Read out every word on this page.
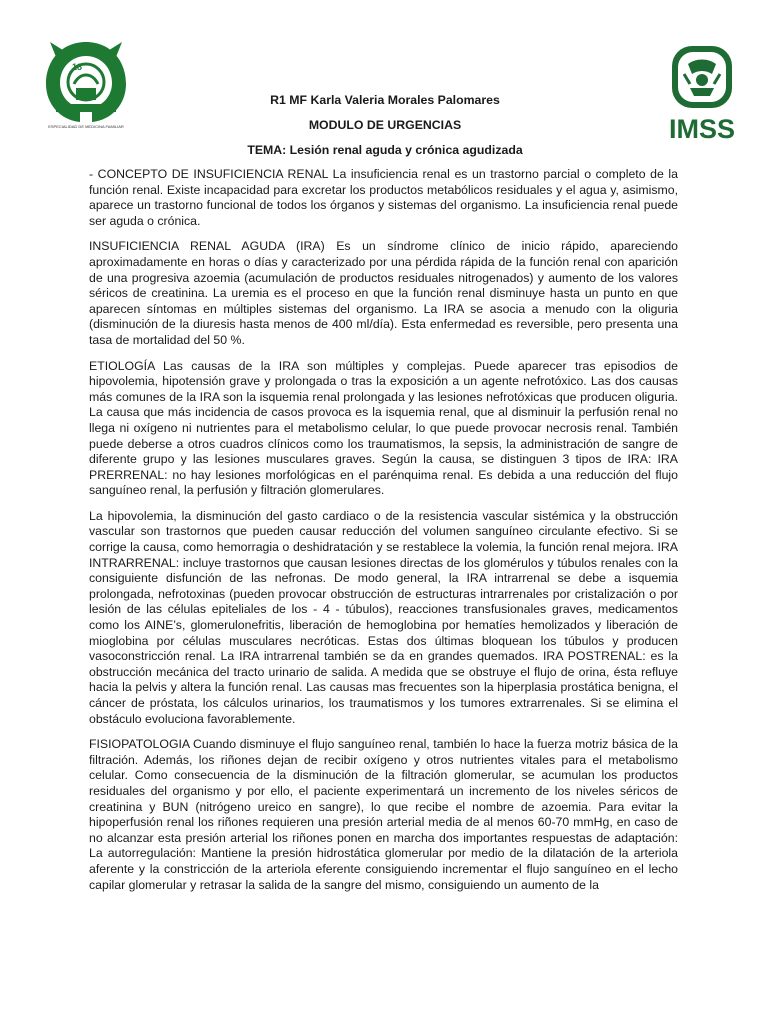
18
ESPECIALIDAD DE MEDICINA FAMILIAR	IMSS
R1 MF Karla Valeria Morales Palomares
MODULO DE URGENCIAS
TEMA: Lesión renal aguda y crónica agudizada

- CONCEPTO DE INSUFICIENCIA RENAL La insuficiencia renal es un trastorno parcial o completo de la función renal. Existe incapacidad para excretar los productos metabólicos residuales y el agua y, asimismo, aparece un trastorno funcional de todos los órganos y sistemas del organismo. La insuficiencia renal puede ser aguda o crónica.

INSUFICIENCIA RENAL AGUDA (IRA) Es un síndrome clínico de inicio rápido, apareciendo aproximadamente en horas o días y caracterizado por una pérdida rápida de la función renal con aparición de una progresiva azoemia (acumulación de productos residuales nitrogenados) y aumento de los valores séricos de creatinina. La uremia es el proceso en que la función renal disminuye hasta un punto en que aparecen síntomas en múltiples sistemas del organismo. La IRA se asocia a menudo con la oliguria (disminución de la diuresis hasta menos de 400 ml/día). Esta enfermedad es reversible, pero presenta una tasa de mortalidad del 50 %.

ETIOLOGÍA Las causas de la IRA son múltiples y complejas. Puede aparecer tras episodios de hipovolemia, hipotensión grave y prolongada o tras la exposición a un agente nefrotóxico. Las dos causas más comunes de la IRA son la isquemia renal prolongada y las lesiones nefrotóxicas que producen oliguria. La causa que más incidencia de casos provoca es la isquemia renal, que al disminuir la perfusión renal no llega ni oxígeno ni nutrientes para el metabolismo celular, lo que puede provocar necrosis renal. También puede deberse a otros cuadros clínicos como los traumatismos, la sepsis, la administración de sangre de diferente grupo y las lesiones musculares graves. Según la causa, se distinguen 3 tipos de IRA: IRA PRERRENAL: no hay lesiones morfológicas en el parénquima renal. Es debida a una reducción del flujo sanguíneo renal, la perfusión y filtración glomerulares.

La hipovolemia, la disminución del gasto cardiaco o de la resistencia vascular sistémica y la obstrucción vascular son trastornos que pueden causar reducción del volumen sanguíneo circulante efectivo. Si se corrige la causa, como hemorragia o deshidratación y se restablece la volemia, la función renal mejora. IRA INTRARRENAL: incluye trastornos que causan lesiones directas de los glomérulos y túbulos renales con la consiguiente disfunción de las nefronas. De modo general, la IRA intrarrenal se debe a isquemia prolongada, nefrotoxinas (pueden provocar obstrucción de estructuras intrarrenales por cristalización o por lesión de las células epiteliales de los - 4 - túbulos), reacciones transfusionales graves, medicamentos como los AINE’s, glomerulonefritis, liberación de hemoglobina por hematíes hemolizados y liberación de mioglobina por células musculares necróticas. Estas dos últimas bloquean los túbulos y producen vasoconstricción renal. La IRA intrarrenal también se da en grandes quemados. IRA POSTRENAL: es la obstrucción mecánica del tracto urinario de salida. A medida que se obstruye el flujo de orina, ésta refluye hacia la pelvis y altera la función renal. Las causas mas frecuentes son la hiperplasia prostática benigna, el cáncer de próstata, los cálculos urinarios, los traumatismos y los tumores extrarrenales. Si se elimina el obstáculo evoluciona favorablemente.

FISIOPATOLOGIA Cuando disminuye el flujo sanguíneo renal, también lo hace la fuerza motriz básica de la filtración. Además, los riñones dejan de recibir oxígeno y otros nutrientes vitales para el metabolismo celular. Como consecuencia de la disminución de la filtración glomerular, se acumulan los productos residuales del organismo y por ello, el paciente experimentará un incremento de los niveles séricos de creatinina y BUN (nitrógeno ureico en sangre), lo que recibe el nombre de azoemia. Para evitar la hipoperfusión renal los riñones requieren una presión arterial media de al menos 60-70 mmHg, en caso de no alcanzar esta presión arterial los riñones ponen en marcha dos importantes respuestas de adaptación: La autorregulación: Mantiene la presión hidrostática glomerular por medio de la dilatación de la arteriola aferente y la constricción de la arteriola eferente consiguiendo incrementar el flujo sanguíneo en el lecho capilar glomerular y retrasar la salida de la sangre del mismo, consiguiendo un aumento de la
